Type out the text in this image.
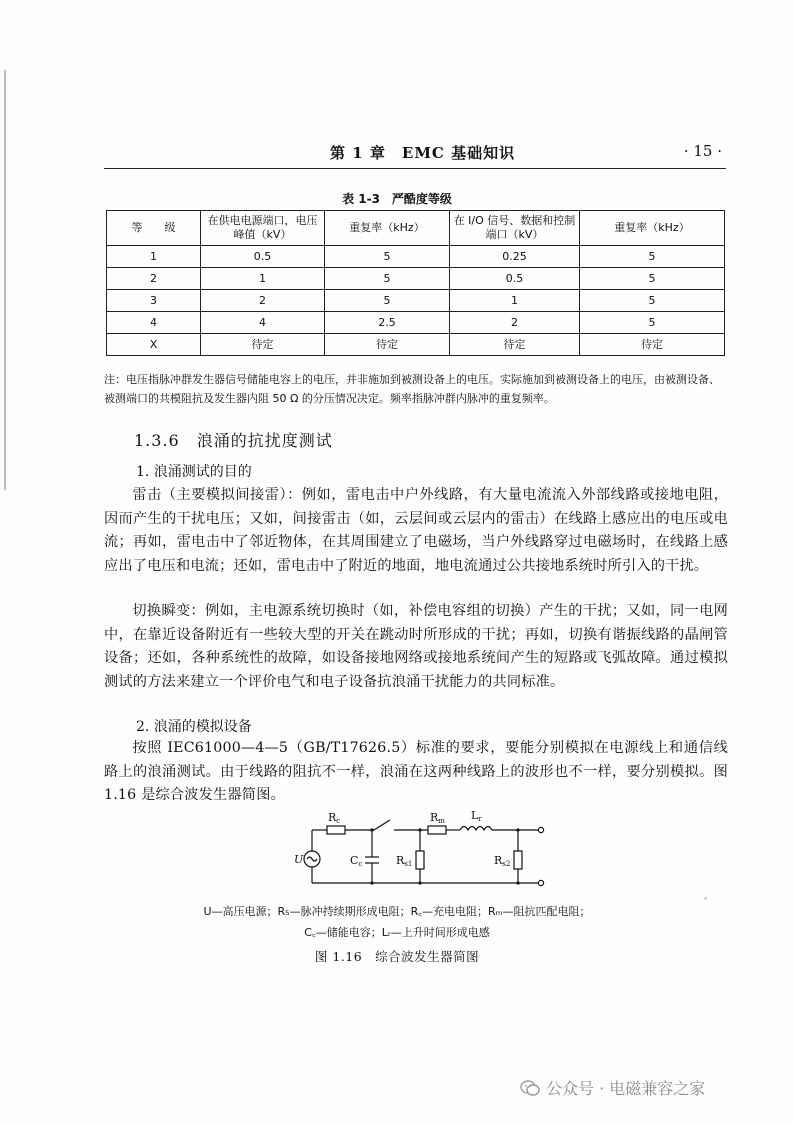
第 1 章　EMC 基础知识	· 15 ·
表 1-3　严酷度等级
等　　级	在供电电源端口，电压峰值（kV）	重复率（kHz）	在 I/O 信号、数据和控制端口（kV）	重复率（kHz）
1	0.5	5	0.25	5
2	1	5	0.5	5
3	2	5	1	5
4	4	2.5	2	5
X	待定	待定	待定	待定
注：电压指脉冲群发生器信号储能电容上的电压，并非施加到被测设备上的电压。实际施加到被测设备上的电压，由被测设备、被测端口的共模阻抗及发生器内阻 50 Ω 的分压情况决定。频率指脉冲群内脉冲的重复频率。
1.3.6　浪涌的抗扰度测试
1. 浪涌测试的目的
雷击（主要模拟间接雷）：例如，雷电击中户外线路，有大量电流流入外部线路或接地电阻，因而产生的干扰电压；又如，间接雷击（如，云层间或云层内的雷击）在线路上感应出的电压或电流；再如，雷电击中了邻近物体，在其周围建立了电磁场，当户外线路穿过电磁场时，在线路上感应出了电压和电流；还如，雷电击中了附近的地面，地电流通过公共接地系统时所引入的干扰。
切换瞬变：例如，主电源系统切换时（如，补偿电容组的切换）产生的干扰；又如，同一电网中，在靠近设备附近有一些较大型的开关在跳动时所形成的干扰；再如，切换有谐振线路的晶闸管设备；还如，各种系统性的故障，如设备接地网络或接地系统间产生的短路或飞弧故障。通过模拟测试的方法来建立一个评价电气和电子设备抗浪涌干扰能力的共同标准。
2. 浪涌的模拟设备
按照 IEC61000—4—5（GB/T17626.5）标准的要求，要能分别模拟在电源线上和通信线路上的浪涌测试。由于线路的阻抗不一样，浪涌在这两种线路上的波形也不一样，要分别模拟。图 1.16 是综合波发生器简图。
Rc
U	Cc
Rm Lr
Rs1	Rs2
ˊ
U—高压电源；R₅—脉冲持续期形成电阻；R꜀—充电电阻；Rₘ—阻抗匹配电阻；
C꜀—储能电容；Lᵣ—上升时间形成电感
图 1.16　综合波发生器简图
公众号 · 电磁兼容之家
